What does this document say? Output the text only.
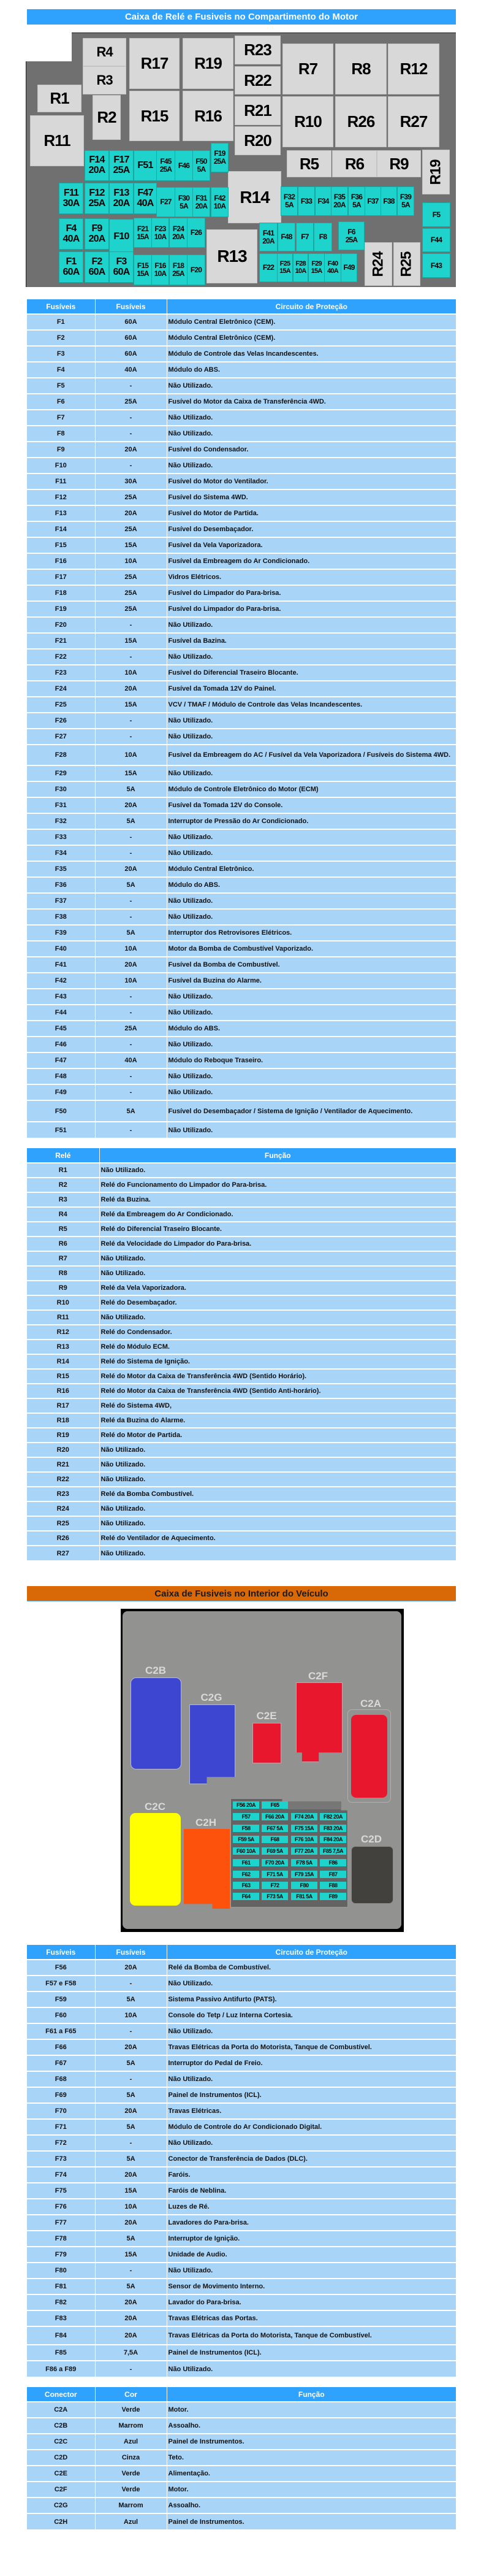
Caixa de Relé e Fusiveis no Compartimento do Motor
R4
R3
R17 R19
R23
R22
R7 R8 R12
R1
R11
R2 R15 R16 R21
R20
R10 R26 R27
R5 R6 R9 R19
R14
R13	R24 R25
F14
20A
F17
25A F51 F45
25A F46 F50
5A
F19
25A
F11
30A
F12
25A
F13
20A
F47
40A F27 F30
5A
F31
20A
F42
10A
F32
5A F33 F34 F35
20A
F36
5A F37 F38 F39
5A
F5
F44
F43
F4
40A
F9
20A F10
F21
15A
F23
10A
F24
20A F26
F1
60A
F2
60A
F3
60A
F15
15A
F16
10A
F18
25A F20
F41
20A F48 F7 F8
F6
25A
F22 F25
15A
F28
10A
F29
15A
F40
40A F49
Fusíveis	Fusíveis	Circuito de Proteção
F1	60A	Módulo Central Eletrônico (CEM).
F2	60A	Módulo Central Eletrônico (CEM).
F3	60A	Módulo de Controle das Velas Incandescentes.
F4	40A	Módulo do ABS.
F5	-	Não Utilizado.
F6	25A	Fusível do Motor da Caixa de Transferência 4WD.
F7	-	Não Utilizado.
F8	-	Não Utilizado.
F9	20A	Fusível do Condensador.
F10	-	Não Utilizado.
F11	30A	Fusível do Motor do Ventilador.
F12	25A	Fusível do Sistema 4WD.
F13	20A	Fusível do Motor de Partida.
F14	25A	Fusível do Desembaçador.
F15	15A	Fusível da Vela Vaporizadora.
F16	10A	Fusível da Embreagem do Ar Condicionado.
F17	25A	Vidros Elétricos.
F18	25A	Fusível do Limpador do Para-brisa.
F19	25A	Fusível do Limpador do Para-brisa.
F20	-	Não Utilizado.
F21	15A	Fusível da Bazina.
F22	-	Não Utilizado.
F23	10A	Fusível do Diferencial Traseiro Blocante.
F24	20A	Fusível da Tomada 12V do Painel.
F25	15A	VCV / TMAF / Módulo de Controle das Velas Incandescentes.
F26	-	Não Utilizado.
F27	-	Não Utilizado.
F28	10A	Fusível da Embreagem do AC / Fusível da Vela Vaporizadora / Fusíveis do Sistema 4WD.
F29	15A	Não Utilizado.
F30	5A	Módulo de Controle Eletrônico do Motor (ECM)
F31	20A	Fusível da Tomada 12V do Console.
F32	5A	Interruptor de Pressão do Ar Condicionado.
F33	-	Não Utilizado.
F34	-	Não Utilizado.
F35	20A	Módulo Central Eletrônico.
F36	5A	Módulo do ABS.
F37	-	Não Utilizado.
F38	-	Não Utilizado.
F39	5A	Interruptor dos Retrovisores Elétricos.
F40	10A	Motor da Bomba de Combustível Vaporizado.
F41	20A	Fusível da Bomba de Combustível.
F42	10A	Fusível da Buzina do Alarme.
F43	-	Não Utilizado.
F44	-	Não Utilizado.
F45	25A	Módulo do ABS.
F46	-	Não Utilizado.
F47	40A	Módulo do Reboque Traseiro.
F48	-	Não Utilizado.
F49	-	Não Utilizado.
F50	5A	Fusível do Desembaçador / Sistema de Ignição / Ventilador de Aquecimento.
F51	-	Não Utilizado.
Relé	Função
R1	Não Utilizado.
R2	Relé do Funcionamento do Limpador do Para-brisa.
R3	Relé da Buzina.
R4	Relé da Embreagem do Ar Condicionado.
R5	Relé do Diferencial Traseiro Blocante.
R6	Relé da Velocidade do Limpador do Para-brisa.
R7	Não Utilizado.
R8	Não Utilizado.
R9	Relé da Vela Vaporizadora.
R10	Relé do Desembaçador.
R11	Não Utilizado.
R12	Relé do Condensador.
R13	Relé do Módulo ECM.
R14	Relé do Sistema de Ignição.
R15	Relé do Motor da Caixa de Transferência 4WD (Sentido Horário).
R16	Relé do Motor da Caixa de Transferência 4WD (Sentido Anti-horário).
R17	Relé do Sistema 4WD,
R18	Relé da Buzina do Alarme.
R19	Relé do Motor de Partida.
R20	Não Utilizado.
R21	Não Utilizado.
R22	Não Utilizado.
R23	Relé da Bomba Combustível.
R24	Não Utilizado.
R25	Não Utilizado.
R26	Relé do Ventilador de Aquecimento.
R27	Não Utilizado.
Caixa de Fusiveis no Interior do Veículo
C2B
C2G
C2E
C2F
C2A
C2C
C2H
C2D
F56 20A	F65
F57	F66 20A	F74 20A	F82 20A
F58	F67 5A	F75 15A	F83 20A
F59 5A	F68	F76 10A	F84 20A
F60 10A	F69 5A	F77 20A	F85 7,5A
F61	F70 20A	F78 5A	F86
F62	F71 5A	F79 15A	F87
F63	F72	F80	F88
F64	F73 5A	F81 5A	F89
Fusíveis	Fusíveis	Circuito de Proteção
F56	20A	Relé da Bomba de Combustível.
F57 e F58	-	Não Utilizado.
F59	5A	Sistema Passivo Antifurto (PATS).
F60	10A	Console do Tetp / Luz Interna Cortesia.
F61 a F65	-	Não Utilizado.
F66	20A	Travas Elétricas da Porta do Motorista, Tanque de Combustível.
F67	5A	Interruptor do Pedal de Freio.
F68	-	Não Utilizado.
F69	5A	Painel de Instrumentos (ICL).
F70	20A	Travas Elétricas.
F71	5A	Módulo de Controle do Ar Condicionado Digital.
F72	-	Não Utilizado.
F73	5A	Conector de Transferência de Dados (DLC).
F74	20A	Faróis.
F75	15A	Faróis de Neblina.
F76	10A	Luzes de Ré.
F77	20A	Lavadores do Para-brisa.
F78	5A	Interruptor de Ignição.
F79	15A	Unidade de Audio.
F80	-	Não Utilizado.
F81	5A	Sensor de Movimento Interno.
F82	20A	Lavador do Para-brisa.
F83	20A	Travas Elétricas das Portas.
F84	20A	Travas Elétricas da Porta do Motorista, Tanque de Combustível.
F85	7,5A	Painel de Instrumentos (ICL).
F86 a F89	-	Não Utilizado.
Conector	Cor	Função
C2A	Verde	Motor.
C2B	Marrom	Assoalho.
C2C	Azul	Painel de Instrumentos.
C2D	Cinza	Teto.
C2E	Verde	Alimentação.
C2F	Verde	Motor.
C2G	Marrom	Assoalho.
C2H	Azul	Painel de Instrumentos.
